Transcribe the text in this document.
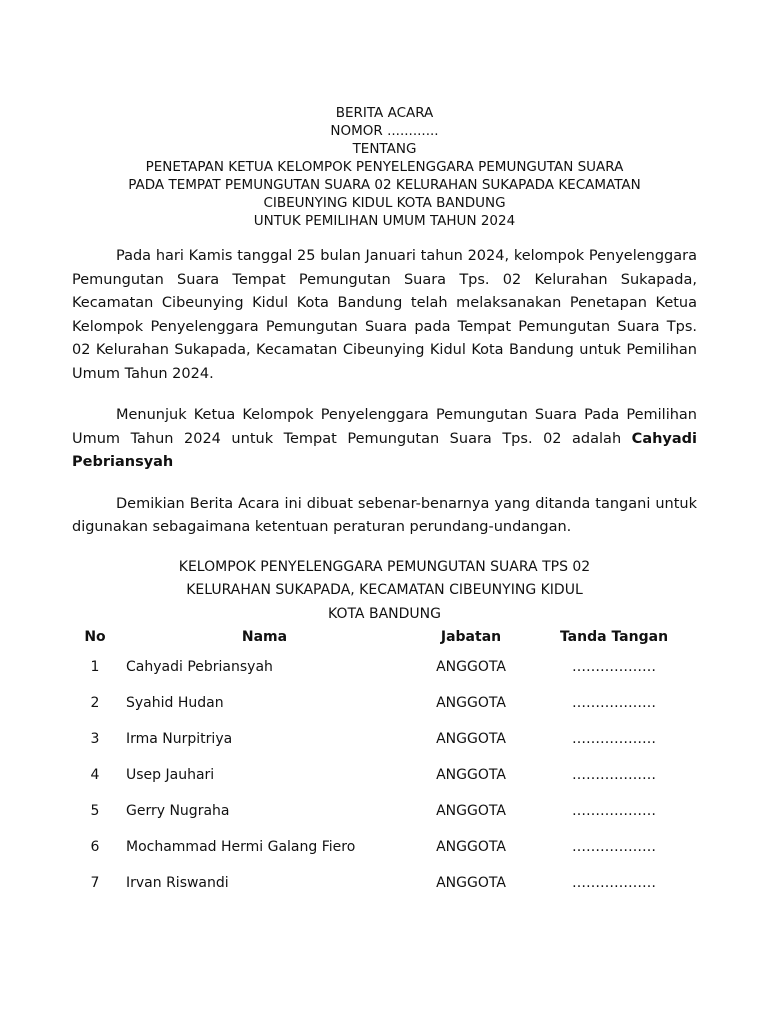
BERITA ACARA
NOMOR ............
TENTANG
PENETAPAN KETUA KELOMPOK PENYELENGGARA PEMUNGUTAN SUARA
PADA TEMPAT PEMUNGUTAN SUARA 02 KELURAHAN SUKAPADA KECAMATAN
CIBEUNYING KIDUL KOTA BANDUNG
UNTUK PEMILIHAN UMUM TAHUN 2024

Pada hari Kamis tanggal 25 bulan Januari tahun 2024, kelompok Penyelenggara Pemungutan Suara Tempat Pemungutan Suara Tps. 02 Kelurahan Sukapada, Kecamatan Cibeunying Kidul Kota Bandung telah melaksanakan Penetapan Ketua Kelompok Penyelenggara Pemungutan Suara pada Tempat Pemungutan Suara Tps. 02 Kelurahan Sukapada, Kecamatan Cibeunying Kidul Kota Bandung untuk Pemilihan Umum Tahun 2024.

Menunjuk Ketua Kelompok Penyelenggara Pemungutan Suara Pada Pemilihan Umum Tahun 2024 untuk Tempat Pemungutan Suara Tps. 02 adalah Cahyadi Pebriansyah

Demikian Berita Acara ini dibuat sebenar-benarnya yang ditanda tangani untuk digunakan sebagaimana ketentuan peraturan perundang-undangan.

KELOMPOK PENYELENGGARA PEMUNGUTAN SUARA TPS 02
KELURAHAN SUKAPADA, KECAMATAN CIBEUNYING KIDUL
KOTA BANDUNG
No	Nama	Jabatan	Tanda Tangan
1	Cahyadi Pebriansyah	ANGGOTA	………………
2	Syahid Hudan	ANGGOTA	………………
3	Irma Nurpitriya	ANGGOTA	………………
4	Usep Jauhari	ANGGOTA	………………
5	Gerry Nugraha	ANGGOTA	………………
6	Mochammad Hermi Galang Fiero	ANGGOTA	………………
7	Irvan Riswandi	ANGGOTA	………………
